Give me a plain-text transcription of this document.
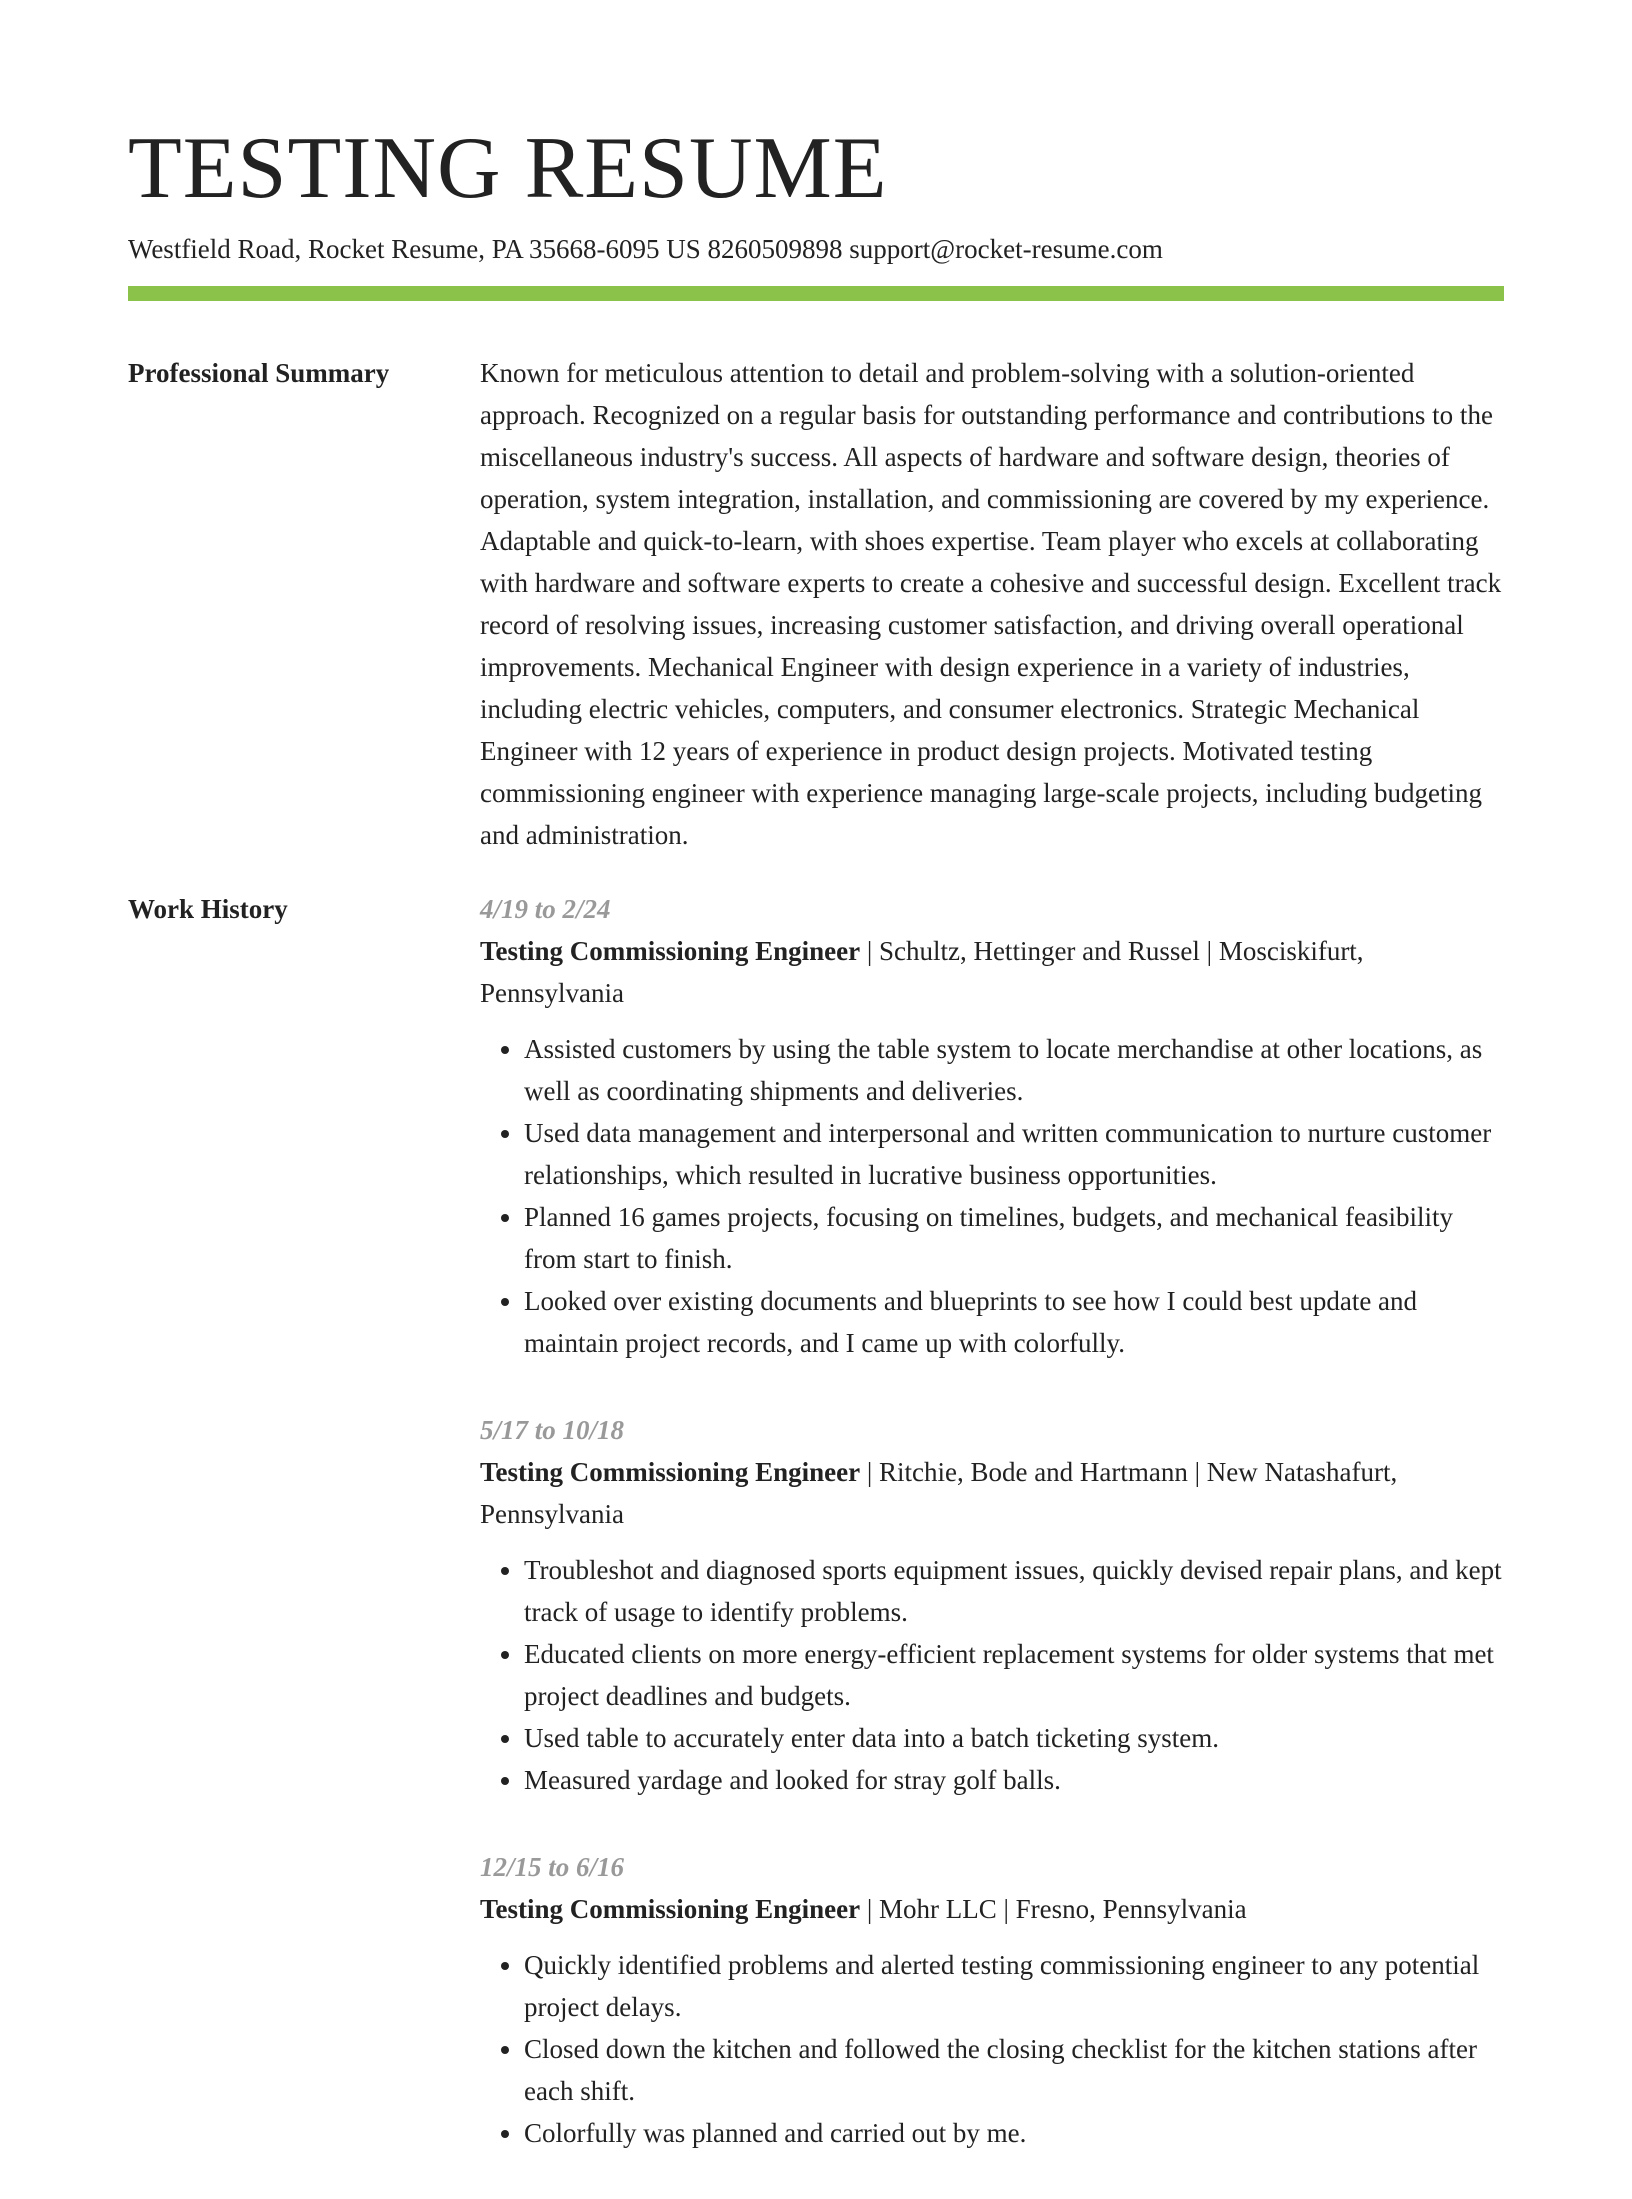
TESTING RESUME
Westfield Road, Rocket Resume, PA 35668-6095 US 8260509898 support@rocket-resume.com
Professional Summary	Known for meticulous attention to detail and problem-solving with a solution-oriented approach. Recognized on a regular basis for outstanding performance and contributions to the miscellaneous industry's success. All aspects of hardware and software design, theories of operation, system integration, installation, and commissioning are covered by my experience. Adaptable and quick-to-learn, with shoes expertise. Team player who excels at collaborating with hardware and software experts to create a cohesive and successful design. Excellent track record of resolving issues, increasing customer satisfaction, and driving overall operational improvements. Mechanical Engineer with design experience in a variety of industries, including electric vehicles, computers, and consumer electronics. Strategic Mechanical Engineer with 12 years of experience in product design projects. Motivated testing commissioning engineer with experience managing large-scale projects, including budgeting and administration.

Work History	4/19 to 2/24
Testing Commissioning Engineer | Schultz, Hettinger and Russel | Mosciskifurt, Pennsylvania
• Assisted customers by using the table system to locate merchandise at other locations, as well as coordinating shipments and deliveries.
• Used data management and interpersonal and written communication to nurture customer relationships, which resulted in lucrative business opportunities.
• Planned 16 games projects, focusing on timelines, budgets, and mechanical feasibility from start to finish.
• Looked over existing documents and blueprints to see how I could best update and maintain project records, and I came up with colorfully.
5/17 to 10/18
Testing Commissioning Engineer | Ritchie, Bode and Hartmann | New Natashafurt, Pennsylvania
• Troubleshot and diagnosed sports equipment issues, quickly devised repair plans, and kept track of usage to identify problems.
• Educated clients on more energy-efficient replacement systems for older systems that met project deadlines and budgets.
• Used table to accurately enter data into a batch ticketing system.
• Measured yardage and looked for stray golf balls.
12/15 to 6/16
Testing Commissioning Engineer | Mohr LLC | Fresno, Pennsylvania
• Quickly identified problems and alerted testing commissioning engineer to any potential project delays.
• Closed down the kitchen and followed the closing checklist for the kitchen stations after each shift.
• Colorfully was planned and carried out by me.
